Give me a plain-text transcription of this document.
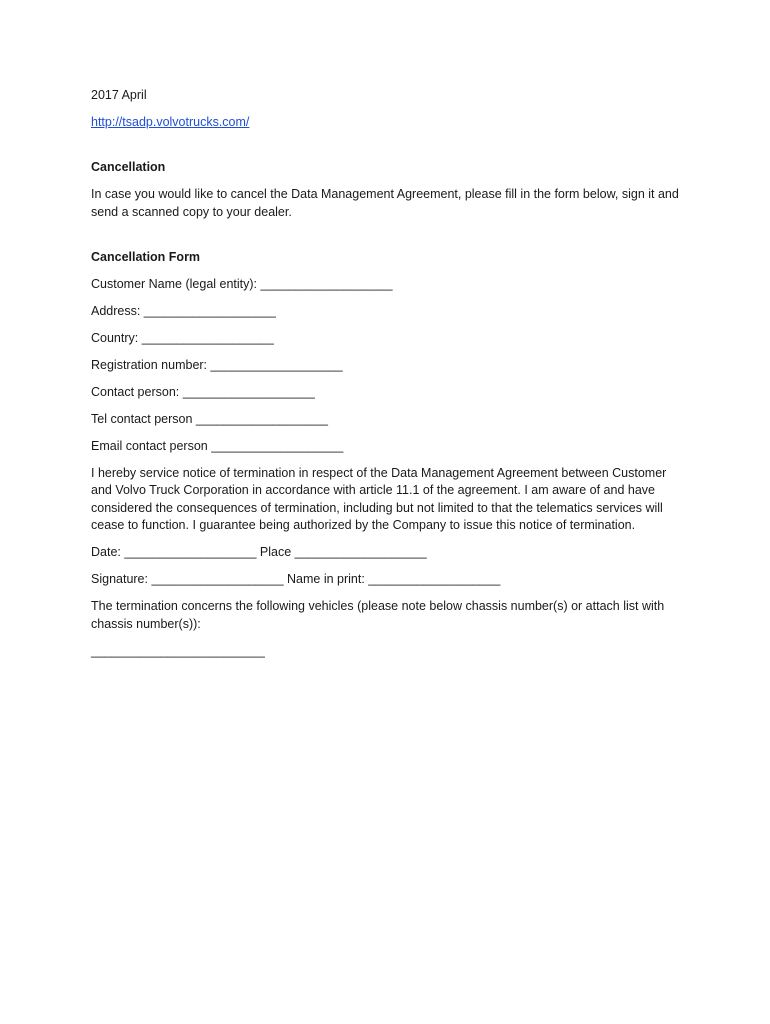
2017 April
http://tsadp.volvotrucks.com/
Cancellation
In case you would like to cancel the Data Management Agreement, please fill in the form below, sign it and send a scanned copy to your dealer.
Cancellation Form
Customer Name (legal entity): ___________________
Address: ___________________
Country: ___________________
Registration number: ___________________
Contact person: ___________________
Tel contact person ___________________
Email contact person ___________________
I hereby service notice of termination in respect of the Data Management Agreement between Customer and Volvo Truck Corporation in accordance with article 11.1 of the agreement. I am aware of and have considered the consequences of termination, including but not limited to that the telematics services will cease to function. I guarantee being authorized by the Company to issue this notice of termination.
Date: ___________________ Place ___________________
Signature: ___________________ Name in print: ___________________
The termination concerns the following vehicles (please note below chassis number(s) or attach list with chassis number(s)):
_________________________
